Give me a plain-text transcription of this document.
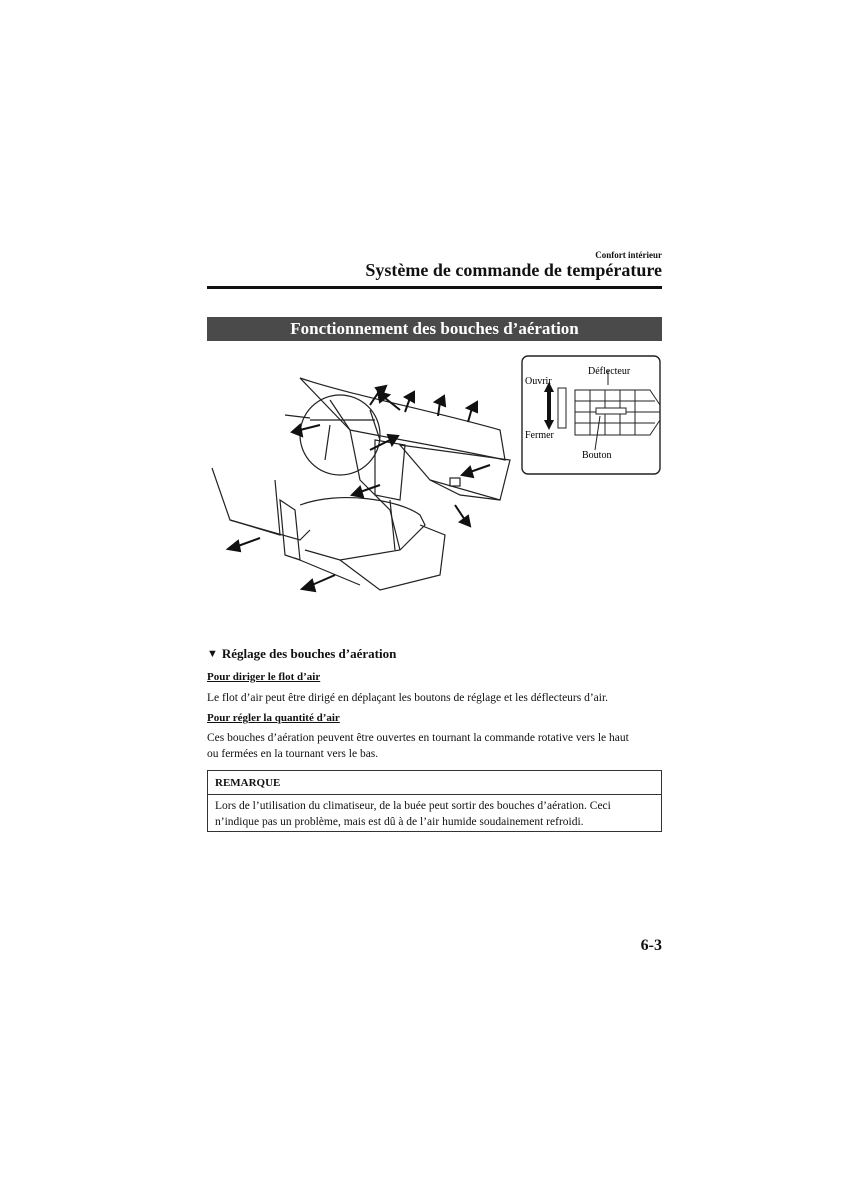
Confort intérieur
Système de commande de température
Fonctionnement des bouches d’aération
Ouvrir
Fermer
Déflecteur
Bouton
▼ Réglage des bouches d’aération
Pour diriger le flot d’air
Le flot d’air peut être dirigé en déplaçant les boutons de réglage et les déflecteurs d’air.
Pour régler la quantité d’air
Ces bouches d’aération peuvent être ouvertes en tournant la commande rotative vers le haut
ou fermées en la tournant vers le bas.
REMARQUE
Lors de l’utilisation du climatiseur, de la buée peut sortir des bouches d’aération. Ceci
n’indique pas un problème, mais est dû à de l’air humide soudainement refroidi.
6-3
